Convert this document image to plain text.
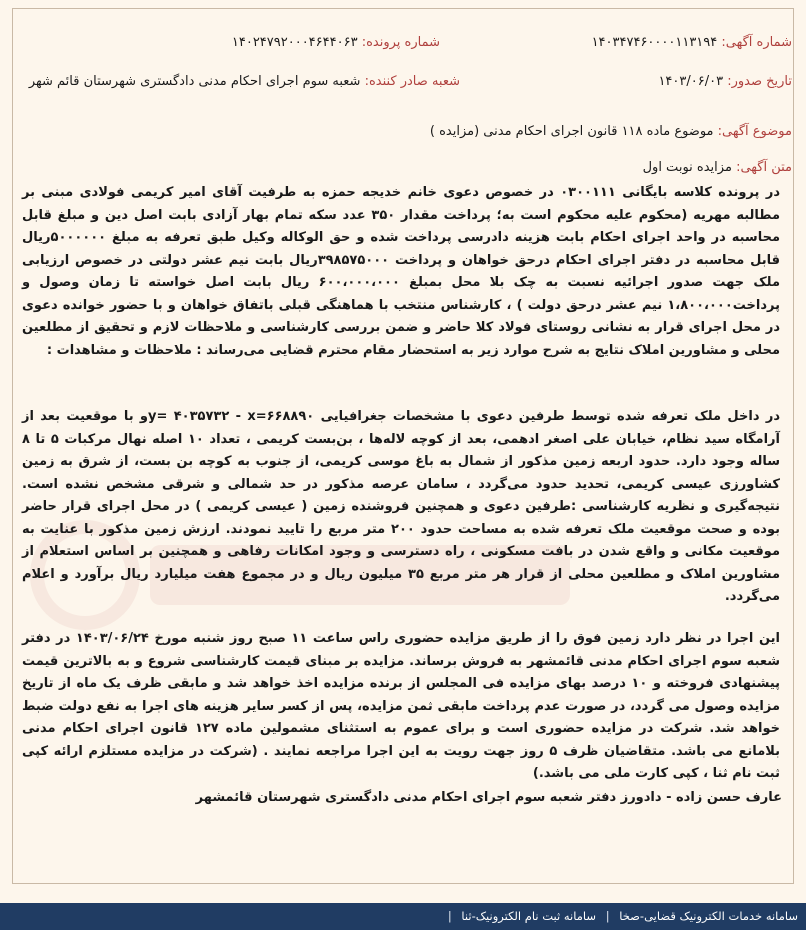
شماره آگهی: ۱۴۰۳۴۷۴۶۰۰۰۰۱۱۳۱۹۴
شماره پرونده: ۱۴۰۲۴۷۹۲۰۰۰۴۶۴۴۰۶۳
تاریخ صدور: ۱۴۰۳/۰۶/۰۳
شعبه صادر کننده: شعبه سوم اجرای احکام مدنی دادگستری شهرستان قائم شهر
موضوع آگهی: موضوع ماده ۱۱۸ قانون اجرای احکام مدنی (مزایده )
متن آگهی: مزایده نوبت اول
در پرونده کلاسه بایگانی ۰۳۰۰۱۱۱ در خصوص دعوی خانم خدیجه حمزه به طرفیت آقای امیر کریمی فولادی مبنی بر مطالبه مهریه (محکوم علیه محکوم است به؛ پرداخت مقدار ۳۵۰ عدد سکه تمام بهار آزادی بابت اصل دین و مبلغ قابل محاسبه در واحد اجرای احکام بابت هزینه دادرسی پرداخت شده و حق الوکاله وکیل طبق تعرفه به مبلغ ۵۰۰۰۰۰۰ریال قابل محاسبه در دفتر اجرای احکام درحق خواهان و پرداخت ۳۹۸۵۷۵۰۰۰ریال بابت نیم عشر دولتی در خصوص ارزیابی ملک جهت صدور اجرائیه نسبت به چک بلا محل بمبلغ ۶۰۰،۰۰۰،۰۰۰ ریال بابت اصل خواسته تا زمان وصول و پرداخت۱،۸۰۰،۰۰۰ نیم عشر درحق دولت ) ، کارشناس منتخب با هماهنگی قبلی باتفاق خواهان و با حضور خوانده دعوی در محل اجرای قرار به نشانی روستای فولاد کلا حاضر و ضمن بررسی کارشناسی و ملاحظات لازم و تحقیق از مطلعین محلی و مشاورین املاک نتایج به شرح موارد زیر به استحضار مقام محترم قضایی می‌رساند : ملاحظات و مشاهدات :
در داخل ملک تعرفه شده توسط طرفین دعوی با مشخصات جغرافیایی y= ۴۰۳۵۷۳۲ - x=۶۶۸۸۹۰و با موقعیت بعد از آرامگاه سید نظام، خیابان علی اصغر ادهمی، بعد از کوچه لاله‌ها ، بن‌بست کریمی ، تعداد ۱۰ اصله نهال مرکبات ۵ تا ۸ ساله وجود دارد. حدود اربعه زمین مذکور از شمال به باغ موسی کریمی، از جنوب به کوچه بن بست، از شرق به زمین کشاورزی عیسی کریمی، تحدید حدود می‌گردد ، سامان عرصه مذکور در حد شمالی و شرقی مشخص نشده است. نتیجه‌گیری و نظریه کارشناسی :طرفین دعوی و همچنین فروشنده زمین ( عیسی کریمی ) در محل اجرای قرار حاضر بوده و صحت موقعیت ملک تعرفه شده به مساحت حدود ۲۰۰ متر مربع را تایید نمودند. ارزش زمین مذکور با عنایت به موقعیت مکانی و واقع شدن در بافت مسکونی ، راه دسترسی و وجود امکانات رفاهی و همچنین بر اساس استعلام از مشاورین املاک و مطلعین محلی از قرار هر متر مربع ۳۵ میلیون ریال و در مجموع هفت میلیارد ریال برآورد و اعلام می‌گردد.
این اجرا در نظر دارد زمین فوق را از طریق مزایده حضوری راس ساعت ۱۱ صبح روز شنبه مورخ ۱۴۰۳/۰۶/۲۴ در دفتر شعبه سوم اجرای احکام مدنی قائمشهر به فروش برساند. مزایده بر مبنای قیمت کارشناسی شروع و به بالاترین قیمت پیشنهادی فروخته و ۱۰ درصد بهای مزایده فی المجلس از برنده مزایده اخذ خواهد شد و مابقی ظرف یک ماه از تاریخ مزایده وصول می گردد، در صورت عدم پرداخت مابقی ثمن مزایده، پس از کسر سایر هزینه های اجرا به نفع دولت ضبط خواهد شد. شرکت در مزایده حضوری است و برای عموم به استثنای مشمولین ماده ۱۲۷ قانون اجرای احکام مدنی بلامانع می باشد. متقاضیان ظرف ۵ روز جهت رویت به این اجرا مراجعه نمایند . (شرکت در مزایده مستلزم ارائه کپی ثبت نام ثنا ، کپی کارت ملی می باشد.)
عارف حسن زاده - دادورز دفتر شعبه سوم اجرای احکام مدنی دادگستری شهرستان قائمشهر
سامانه خدمات الکترونیک قضایی-صخا | سامانه ثبت نام الکترونیک-ثنا |
